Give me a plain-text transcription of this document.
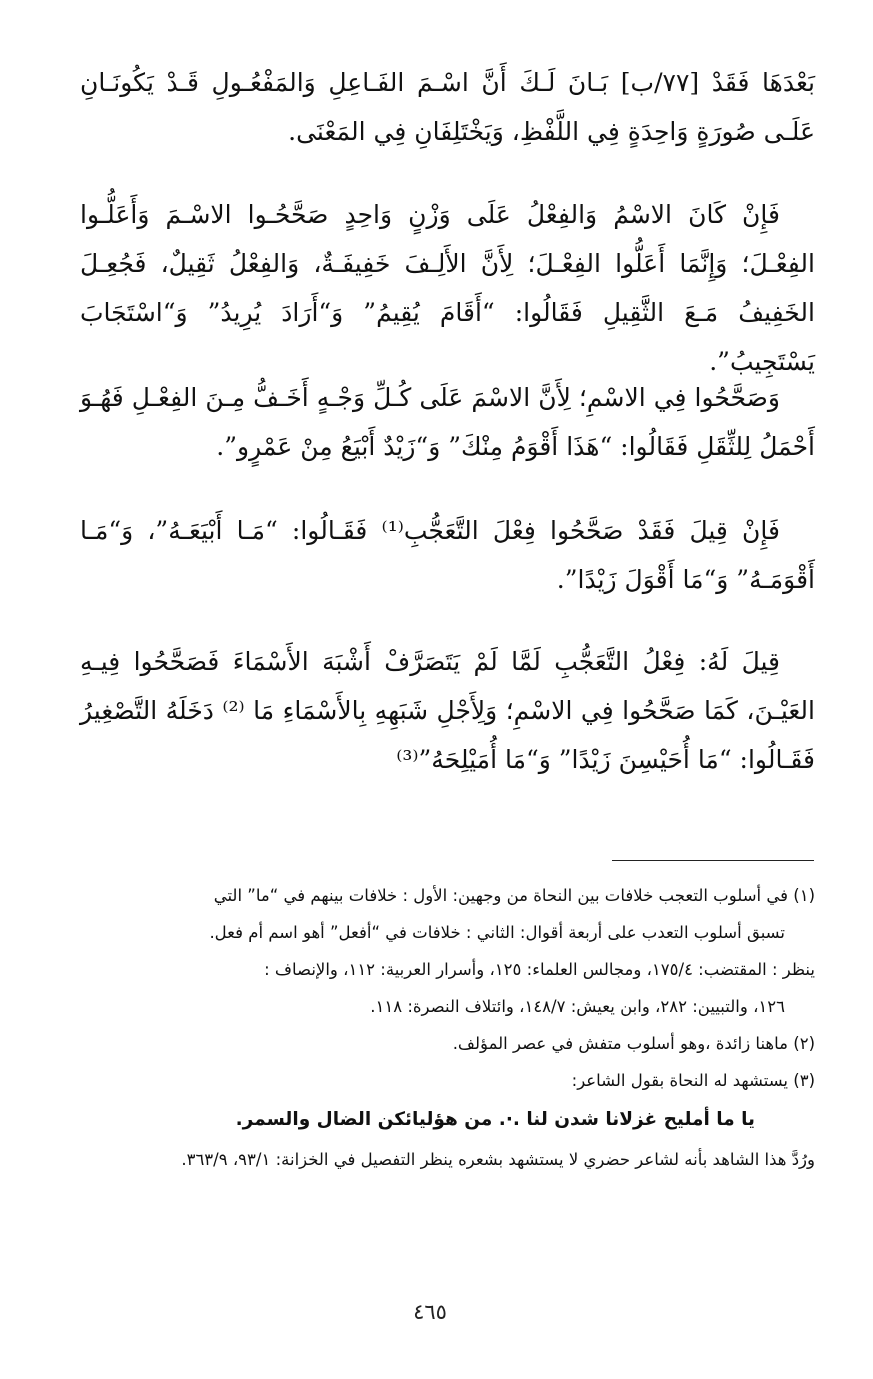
بَعْدَهَا فَقَدْ [٧٧/ب] بَـانَ لَـكَ أَنَّ اسْـمَ الفَـاعِلِ وَالمَفْعُـولِ قَـدْ يَكُونَـانِ عَلَـى صُورَةٍ وَاحِدَةٍ فِي اللَّفْظِ، وَيَخْتَلِفَانِ فِي المَعْنَى.

فَإِنْ كَانَ الاسْمُ وَالفِعْلُ عَلَى وَزْنٍ وَاحِدٍ صَحَّحُـوا الاسْـمَ وَأَعَلُّـوا الفِعْـلَ؛ وَإِنَّمَا أَعَلُّوا الفِعْـلَ؛ لِأَنَّ الأَلِـفَ خَفِيفَـةٌ، وَالفِعْلُ ثَقِيلٌ، فَجُعِـلَ الخَفِيفُ مَـعَ الثَّقِيلِ فَقَالُوا: “أَقَامَ يُقِيمُ” وَ“أَرَادَ يُرِيدُ” وَ“اسْتَجَابَ يَسْتَجِيبُ”.

وَصَحَّحُوا فِي الاسْمِ؛ لِأَنَّ الاسْمَ عَلَى كُـلِّ وَجْـهٍ أَخَـفُّ مِـنَ الفِعْـلِ فَهُـوَ أَحْمَلُ لِلثِّقَلِ فَقَالُوا: “هَذَا أَقْوَمُ مِنْكَ” وَ“زَيْدٌ أَبْيَعُ مِنْ عَمْرٍو”.

فَإِنْ قِيلَ فَقَدْ صَحَّحُوا فِعْلَ التَّعَجُّبِ⁽¹⁾ فَقَـالُوا: “مَـا أَبْيَعَـهُ”، وَ“مَـا أَقْوَمَـهُ” وَ“مَا أَقْوَلَ زَيْدًا”.

قِيلَ لَهُ: فِعْلُ التَّعَجُّبِ لَمَّا لَمْ يَتَصَرَّفْ أَشْبَهَ الأَسْمَاءَ فَصَحَّحُوا فِيـهِ العَيْـنَ، كَمَا صَحَّحُوا فِي الاسْمِ؛ وَلِأَجْلِ شَبَهِهِ بِالأَسْمَاءِ مَا ⁽²⁾ دَخَلَهُ التَّصْغِيرُ فَقَـالُوا: “مَا أُحَيْسِنَ زَيْدًا” وَ“مَا أُمَيْلِحَهُ”⁽³⁾

(١) في أسلوب التعجب خلافات بين النحاة من وجهين: الأول : خلافات بينهم في “ما” التي

تسبق أسلوب التعدب على أربعة أقوال: الثاني : خلافات في “أفعل” أهو اسم أم فعل.

ينظر : المقتضب: ١٧٥/٤، ومجالس العلماء: ١٢٥، وأسرار العربية: ١١٢، والإنصاف :

١٢٦، والتبيين: ٢٨٢، وابن يعيش: ١٤٨/٧، وائتلاف النصرة: ١١٨.

(٢) ماهنا زائدة ،وهو أسلوب متفش في عصر المؤلف.

(٣) يستشهد له النحاة بقول الشاعر:

يا ما أمليح غزلانا شدن لنا .·. من هؤليائكن الضال والسمر.

ورُدَّ هذا الشاهد بأنه لشاعر حضري لا يستشهد بشعره ينظر التفصيل في الخزانة: ٩٣/١، ٣٦٣/٩.

٤٦٥
